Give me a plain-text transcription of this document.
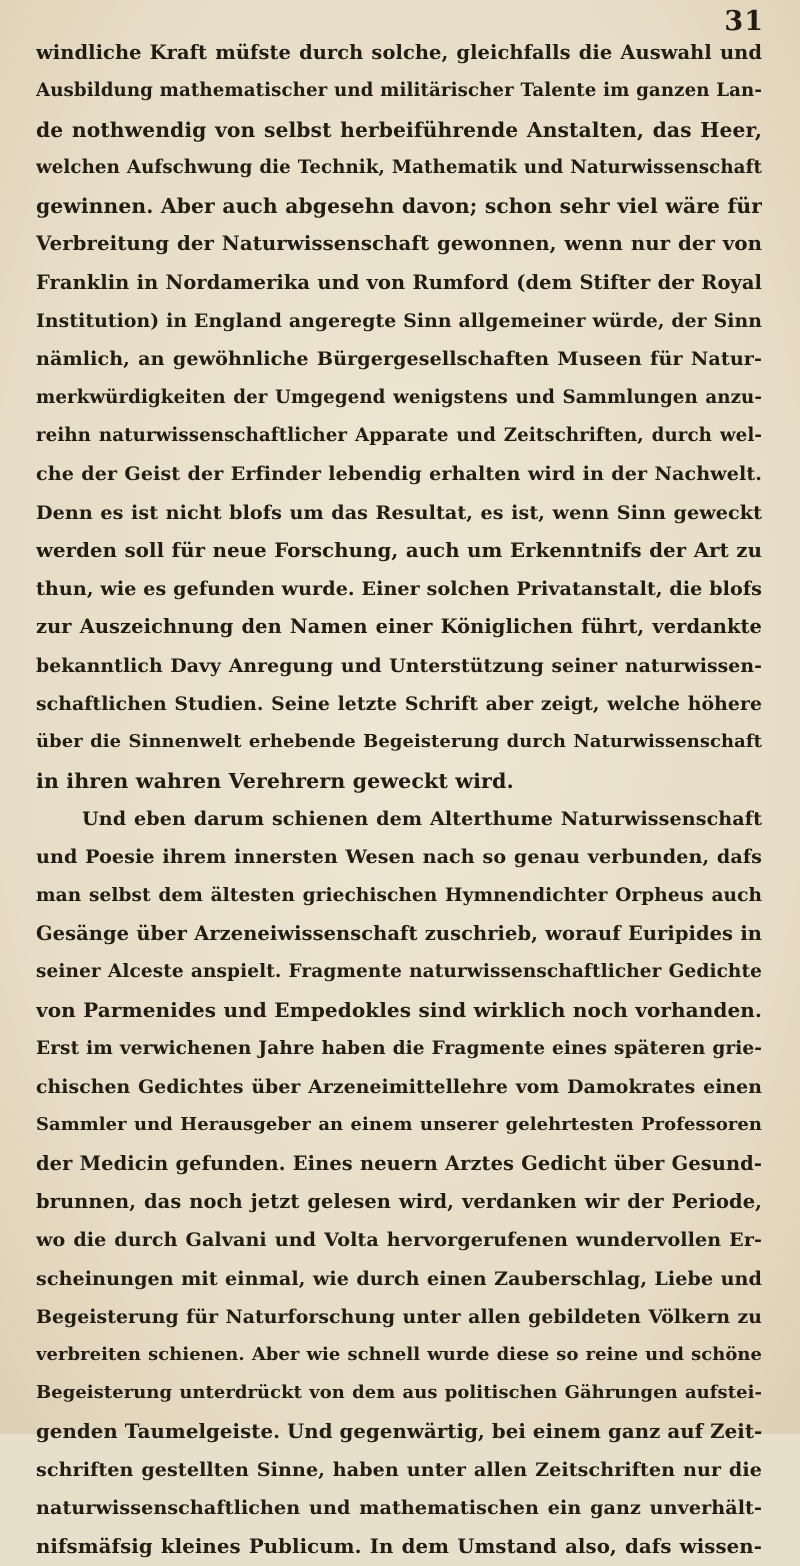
31
windliche Kraft müfste durch solche, gleichfalls die Auswahl und
Ausbildung mathematischer und militärischer Talente im ganzen Lan-
de nothwendig von selbst herbeiführende Anstalten, das Heer,
welchen Aufschwung die Technik, Mathematik und Naturwissenschaft
gewinnen. Aber auch abgesehn davon; schon sehr viel wäre für
Verbreitung der Naturwissenschaft gewonnen, wenn nur der von
Franklin in Nordamerika und von Rumford (dem Stifter der Royal
Institution) in England angeregte Sinn allgemeiner würde, der Sinn
nämlich, an gewöhnliche Bürgergesellschaften Museen für Natur-
merkwürdigkeiten der Umgegend wenigstens und Sammlungen anzu-
reihn naturwissenschaftlicher Apparate und Zeitschriften, durch wel-
che der Geist der Erfinder lebendig erhalten wird in der Nachwelt.
Denn es ist nicht blofs um das Resultat, es ist, wenn Sinn geweckt
werden soll für neue Forschung, auch um Erkenntnifs der Art zu
thun, wie es gefunden wurde. Einer solchen Privatanstalt, die blofs
zur Auszeichnung den Namen einer Königlichen führt, verdankte
bekanntlich Davy Anregung und Unterstützung seiner naturwissen-
schaftlichen Studien. Seine letzte Schrift aber zeigt, welche höhere
über die Sinnenwelt erhebende Begeisterung durch Naturwissenschaft
in ihren wahren Verehrern geweckt wird.
Und eben darum schienen dem Alterthume Naturwissenschaft
und Poesie ihrem innersten Wesen nach so genau verbunden, dafs
man selbst dem ältesten griechischen Hymnendichter Orpheus auch
Gesänge über Arzeneiwissenschaft zuschrieb, worauf Euripides in
seiner Alceste anspielt. Fragmente naturwissenschaftlicher Gedichte
von Parmenides und Empedokles sind wirklich noch vorhanden.
Erst im verwichenen Jahre haben die Fragmente eines späteren grie-
chischen Gedichtes über Arzeneimittellehre vom Damokrates einen
Sammler und Herausgeber an einem unserer gelehrtesten Professoren
der Medicin gefunden. Eines neuern Arztes Gedicht über Gesund-
brunnen, das noch jetzt gelesen wird, verdanken wir der Periode,
wo die durch Galvani und Volta hervorgerufenen wundervollen Er-
scheinungen mit einmal, wie durch einen Zauberschlag, Liebe und
Begeisterung für Naturforschung unter allen gebildeten Völkern zu
verbreiten schienen. Aber wie schnell wurde diese so reine und schöne
Begeisterung unterdrückt von dem aus politischen Gährungen aufstei-
genden Taumelgeiste. Und gegenwärtig, bei einem ganz auf Zeit-
schriften gestellten Sinne, haben unter allen Zeitschriften nur die
naturwissenschaftlichen und mathematischen ein ganz unverhält-
nifsmäfsig kleines Publicum. In dem Umstand also, dafs wissen-
